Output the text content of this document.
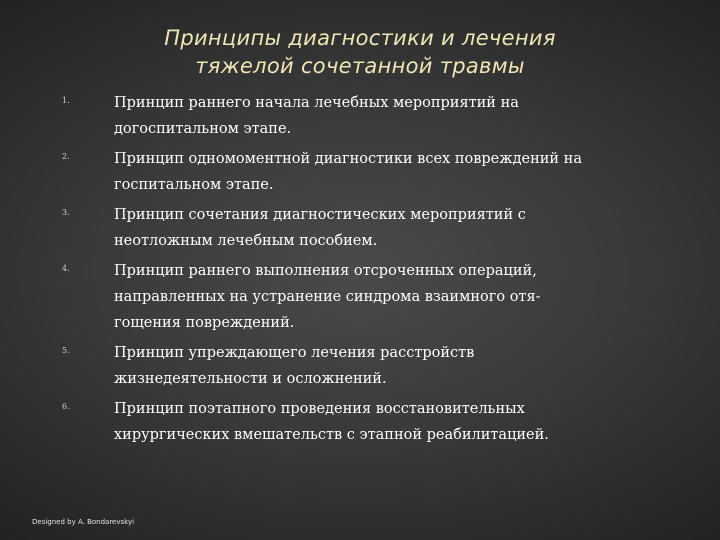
Принципы диагностики и лечения
тяжелой сочетанной травмы
1.	Принцип раннего начала лечебных мероприятий на
догоспитальном этапе.
2.	Принцип одномоментной диагностики всех повреждений на
госпитальном этапе.
3.	Принцип сочетания диагностических мероприятий с
неотложным лечебным пособием.
4.	Принцип раннего выполнения отсроченных операций,
направленных на устранение синдрома взаимного отя-
гощения повреждений.
5.	Принцип упреждающего лечения расстройств
жизнедеятельности и осложнений.
6.	Принцип поэтапного проведения восстановительных
хирургических вмешательств с этапной реабилитацией.
Designed by A. Bondarevskyi
